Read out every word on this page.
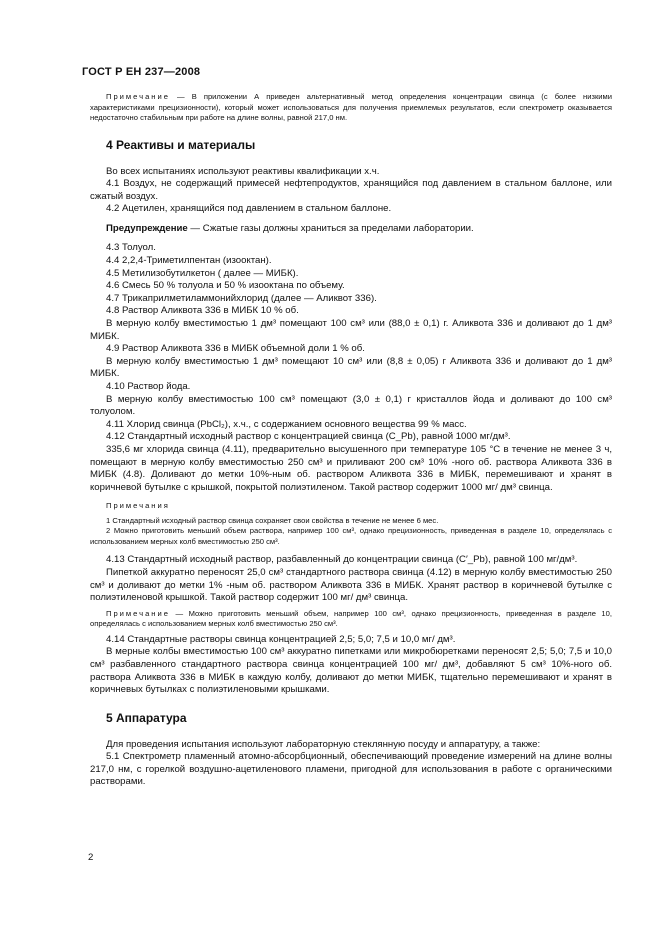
ГОСТ Р ЕН 237—2008

Примечание — В приложении А приведен альтернативный метод определения концентрации свинца (с более низкими характеристиками прецизионности), который может использоваться для получения приемлемых результатов, если спектрометр оказывается недостаточно стабильным при работе на длине волны, равной 217,0 нм.

4 Реактивы и материалы

Во всех испытаниях используют реактивы квалификации х.ч.

4.1 Воздух, не содержащий примесей нефтепродуктов, хранящийся под давлением в стальном баллоне, или сжатый воздух.

4.2 Ацетилен, хранящийся под давлением в стальном баллоне.

Предупреждение — Сжатые газы должны храниться за пределами лаборатории.

4.3 Толуол.

4.4 2,2,4-Триметилпентан (изооктан).

4.5 Метилизобутилкетон ( далее — МИБК).

4.6 Смесь 50 % толуола и 50 % изооктана по объему.

4.7 Трикаприлметиламмонийхлорид (далее — Аликвот 336).

4.8 Раствор Аликвота 336 в МИБК 10 % об.

В мерную колбу вместимостью 1 дм³ помещают 100 см³ или (88,0 ± 0,1) г. Аликвота 336 и доливают до 1 дм³ МИБК.

4.9 Раствор Аликвота 336 в МИБК объемной доли 1 % об.

В мерную колбу вместимостью 1 дм³ помещают 10 см³ или (8,8 ± 0,05) г Аликвота 336 и доливают до 1 дм³ МИБК.

4.10 Раствор йода.

В мерную колбу вместимостью 100 см³ помещают (3,0 ± 0,1) г кристаллов йода и доливают до 100 см³ толуолом.

4.11 Хлорид свинца (PbCl₂), х.ч., с содержанием основного вещества 99 % масс.

4.12 Стандартный исходный раствор с концентрацией свинца (C_Pb), равной 1000 мг/дм³.

335,6 мг хлорида свинца (4.11), предварительно высушенного при температуре 105 °C в течение не менее 3 ч, помещают в мерную колбу вместимостью 250 см³ и приливают 200 см³ 10% -ного об. раствора Аликвота 336 в МИБК (4.8). Доливают до метки 10%-ным об. раствором Аликвота 336 в МИБК, перемешивают и хранят в коричневой бутылке с крышкой, покрытой полиэтиленом. Такой раствор содержит 1000 мг/ дм³ свинца.

Примечания

1 Стандартный исходный раствор свинца сохраняет свои свойства в течение не менее 6 мес.

2 Можно приготовить меньший объем раствора, например 100 см³, однако прецизионность, приведенная в разделе 10, определялась с использованием мерных колб вместимостью 250 см³.

4.13 Стандартный исходный раствор, разбавленный до концентрации свинца (C′_Pb), равной 100 мг/дм³.

Пипеткой аккуратно переносят 25,0 см³ стандартного раствора свинца (4.12) в мерную колбу вместимостью 250 см³ и доливают до метки 1% -ным об. раствором Аликвота 336 в МИБК. Хранят раствор в коричневой бутылке с полиэтиленовой крышкой. Такой раствор содержит 100 мг/ дм³ свинца.

Примечание — Можно приготовить меньший объем, например 100 см³, однако прецизионность, приведенная в разделе 10, определялась с использованием мерных колб вместимостью 250 см³.

4.14 Стандартные растворы свинца концентрацией 2,5; 5,0; 7,5 и 10,0 мг/ дм³.

В мерные колбы вместимостью 100 см³ аккуратно пипетками или микробюретками переносят 2,5; 5,0; 7,5 и 10,0 см³ разбавленного стандартного раствора свинца концентрацией 100 мг/ дм³, добавляют 5 см³ 10%-ного об. раствора Аликвота 336 в МИБК в каждую колбу, доливают до метки МИБК, тщательно перемешивают и хранят в коричневых бутылках с полиэтиленовыми крышками.

5 Аппаратура

Для проведения испытания используют лабораторную стеклянную посуду и аппаратуру, а также:

5.1 Спектрометр пламенный атомно-абсорбционный, обеспечивающий проведение измерений на длине волны 217,0 нм, с горелкой воздушно-ацетиленового пламени, пригодной для использования в работе с органическими растворами.

2
